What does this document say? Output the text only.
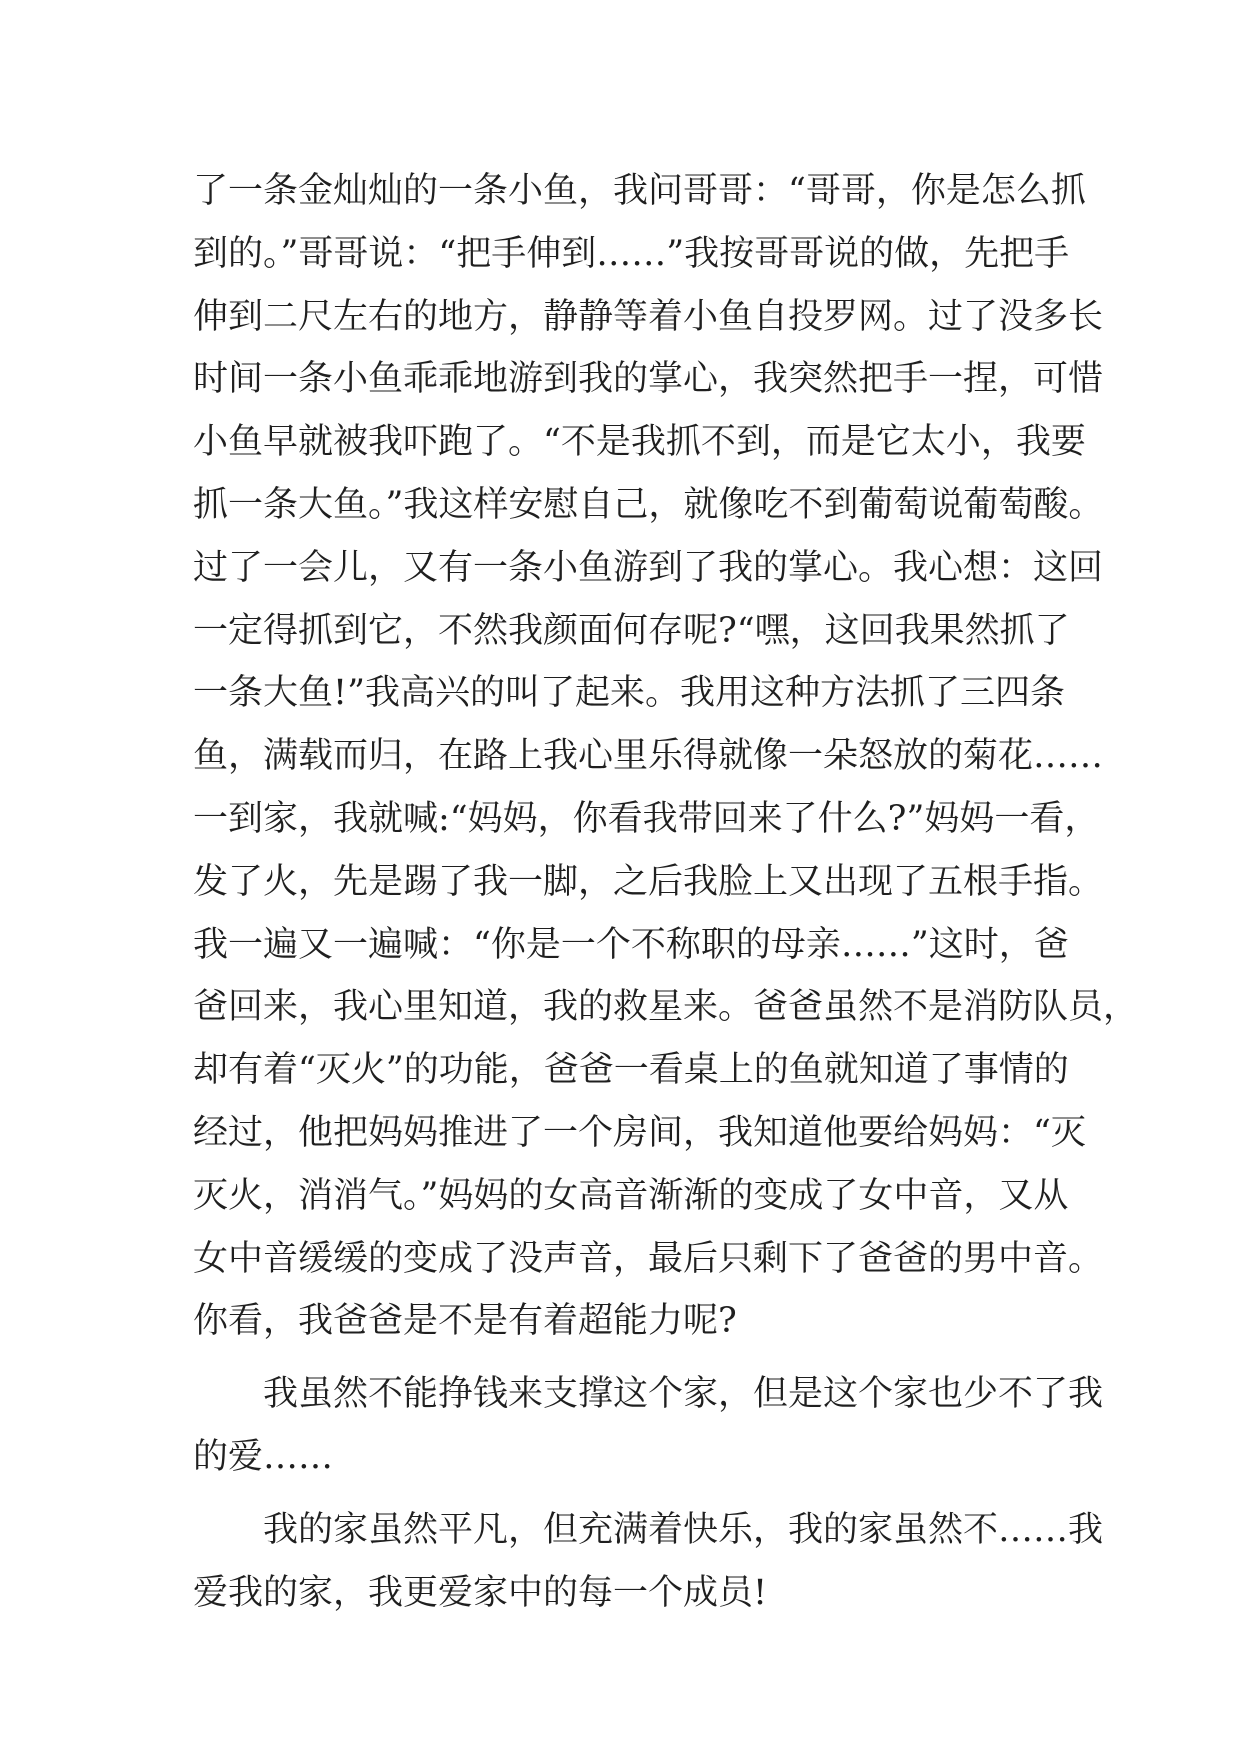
了一条金灿灿的一条小鱼，我问哥哥：“哥哥，你是怎么抓
到的。”哥哥说：“把手伸到……”我按哥哥说的做，先把手
伸到二尺左右的地方，静静等着小鱼自投罗网。过了没多长
时间一条小鱼乖乖地游到我的掌心，我突然把手一捏，可惜
小鱼早就被我吓跑了。“不是我抓不到，而是它太小，我要
抓一条大鱼。”我这样安慰自己，就像吃不到葡萄说葡萄酸。
过了一会儿，又有一条小鱼游到了我的掌心。我心想：这回
一定得抓到它，不然我颜面何存呢?“嘿，这回我果然抓了
一条大鱼!”我高兴的叫了起来。我用这种方法抓了三四条
鱼，满载而归，在路上我心里乐得就像一朵怒放的菊花……
一到家，我就喊:“妈妈，你看我带回来了什么?”妈妈一看，
发了火，先是踢了我一脚，之后我脸上又出现了五根手指。
我一遍又一遍喊：“你是一个不称职的母亲……”这时，爸
爸回来，我心里知道，我的救星来。爸爸虽然不是消防队员，
却有着“灭火”的功能，爸爸一看桌上的鱼就知道了事情的
经过，他把妈妈推进了一个房间，我知道他要给妈妈：“灭
灭火，消消气。”妈妈的女高音渐渐的变成了女中音，又从
女中音缓缓的变成了没声音，最后只剩下了爸爸的男中音。
你看，我爸爸是不是有着超能力呢?
我虽然不能挣钱来支撑这个家，但是这个家也少不了我
的爱……
我的家虽然平凡，但充满着快乐，我的家虽然不……我
爱我的家，我更爱家中的每一个成员!
